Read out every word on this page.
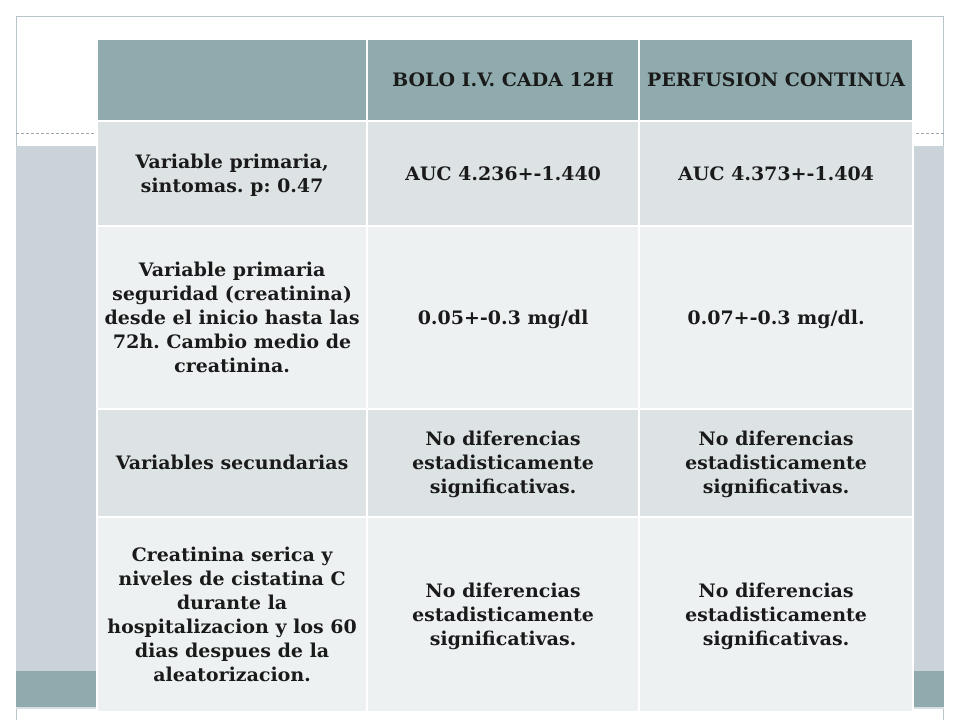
	BOLO I.V. CADA 12H	PERFUSION CONTINUA
Variable primaria, sintomas. p: 0.47	AUC 4.236+-1.440	AUC 4.373+-1.404
Variable primaria seguridad (creatinina) desde el inicio hasta las 72h. Cambio medio de creatinina.	0.05+-0.3 mg/dl	0.07+-0.3 mg/dl.
Variables secundarias	No diferencias estadisticamente significativas.	No diferencias estadisticamente significativas.
Creatinina serica y niveles de cistatina C durante la hospitalizacion y los 60 dias despues de la aleatorizacion.	No diferencias estadisticamente significativas.	No diferencias estadisticamente significativas.
